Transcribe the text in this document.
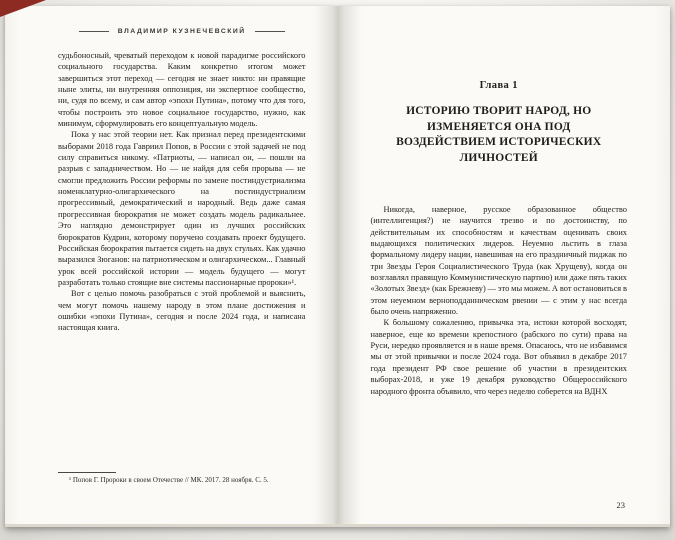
ВЛАДИМИР КУЗНЕЧЕВСКИЙ

судьбоносный, чреватый переходом к новой парадигме российского социального государства. Каким конкретно итогом может завершиться этот переход — сегодня не знает никто: ни правящие ныне элиты, ни внутренняя оппозиция, ни экспертное сообщество, ни, судя по всему, и сам автор «эпохи Путина», потому что для того, чтобы построить это новое социальное государство, нужно, как минимум, сформулировать его концептуальную модель.

Пока у нас этой теории нет. Как признал перед президентскими выборами 2018 года Гавриил Попов, в России с этой задачей не под силу справиться никому. «Патриоты, — написал он, — пошли на разрыв с западничеством. Но — не найдя для себя прорыва — не смогли предложить России реформы по замене постиндустриализма номенклатурно-олигархического на постиндустриализм прогрессивный, демократический и народный. Ведь даже самая прогрессивная бюрократия не может создать модель радикальнее. Это наглядно демонстрирует один из лучших российских бюрократов Кудрин, которому поручено создавать проект будущего. Российская бюрократия пытается сидеть на двух стульях. Как удачно выразился Зюганов: на патриотическом и олигархическом... Главный урок всей российской истории — модель будущего — могут разработать только стоящие вне системы пассионарные пророки»¹.

Вот с целью помочь разобраться с этой проблемой и выяснить, чем могут помочь нашему народу в этом плане достижения и ошибки «эпохи Путина», сегодня и после 2024 года, и написана настоящая книга.

¹ Попов Г. Пророки в своем Отечестве // МК. 2017. 28 ноября. С. 5.

Глава 1
ИСТОРИЮ ТВОРИТ НАРОД, НО ИЗМЕНЯЕТСЯ ОНА ПОД ВОЗДЕЙСТВИЕМ ИСТОРИЧЕСКИХ ЛИЧНОСТЕЙ

Никогда, наверное, русское образованное общество (интеллигенция?) не научится трезво и по достоинству, по действительным их способностям и качествам оценивать своих выдающихся политических лидеров. Неуемно льстить в глаза формальному лидеру нации, навешивая на его праздничный пиджак по три Звезды Героя Социалистического Труда (как Хрущеву), когда он возглавлял правящую Коммунистическую партию) или даже пять таких «Золотых Звезд» (как Брежневу) — это мы можем. А вот остановиться в этом неуемном верноподданническом рвении — с этим у нас всегда было очень напряженно.

К большому сожалению, привычка эта, истоки которой восходят, наверное, еще ко времени крепостного (рабского по сути) права на Руси, нередко проявляется и в наше время. Опасаюсь, что не избавимся мы от этой привычки и после 2024 года. Вот объявил в декабре 2017 года президент РФ свое решение об участии в президентских выборах-2018, и уже 19 декабря руководство Общероссийского народного фронта объявило, что через неделю соберется на ВДНХ

23
